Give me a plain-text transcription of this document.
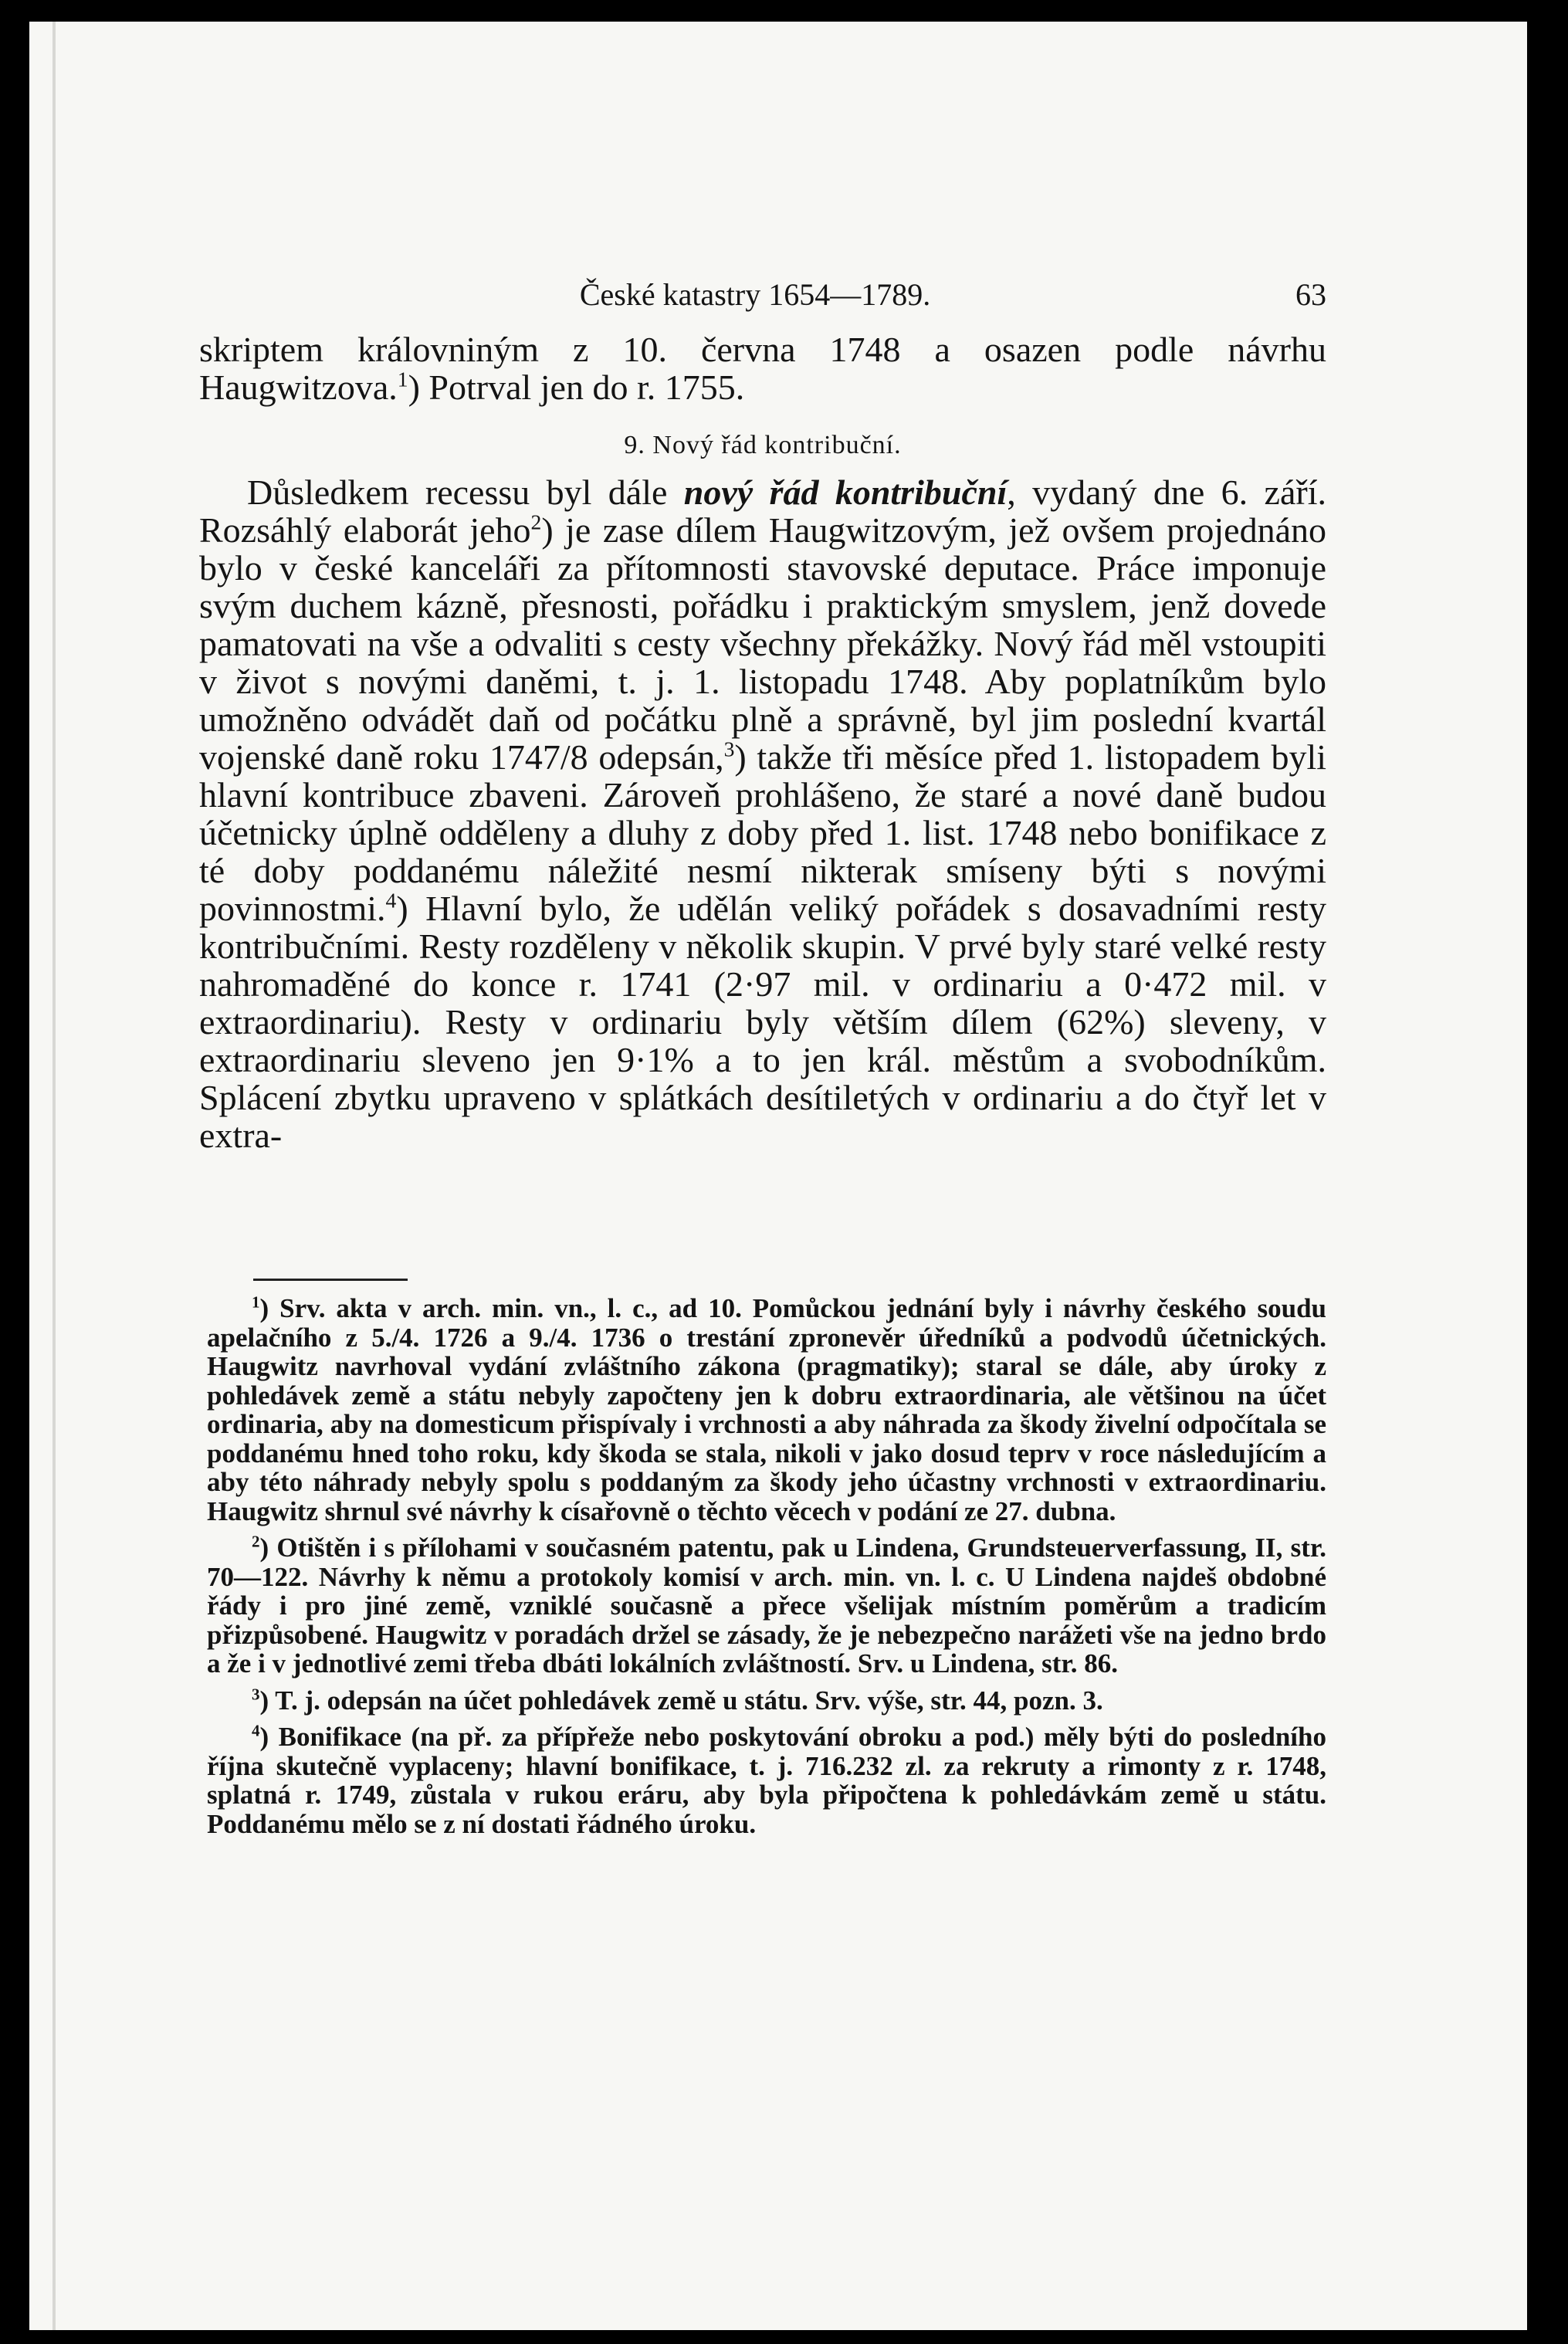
České katastry 1654—1789.	63

skriptem královniným z 10. června 1748 a osazen podle návrhu Haugwitzova.$^1$) Potrval jen do r. 1755.

9. Nový řád kontribuční.

Důsledkem recessu byl dále nový řád kontribuční, vydaný dne 6. září. Rozsáhlý elaborát jeho$^2$) je zase dílem Haugwitzovým, jež ovšem projednáno bylo v české kanceláři za přítomnosti stavovské deputace. Práce imponuje svým duchem kázně, přesnosti, pořádku i praktickým smyslem, jenž dovede pamatovati na vše a odvaliti s cesty všechny překážky. Nový řád měl vstoupiti v život s novými daněmi, t. j. 1. listopadu 1748. Aby poplatníkům bylo umožněno odvádět daň od počátku plně a správně, byl jim poslední kvartál vojenské daně roku 1747/8 odepsán,$^3$) takže tři měsíce před 1. listopadem byli hlavní kontribuce zbaveni. Zároveň prohlášeno, že staré a nové daně budou účetnicky úplně odděleny a dluhy z doby před 1. list. 1748 nebo bonifikace z té doby poddanému náležité nesmí nikterak smíseny býti s novými povinnostmi.$^4$) Hlavní bylo, že udělán veliký pořádek s dosavadními resty kontribučními. Resty rozděleny v několik skupin. V prvé byly staré velké resty nahromaděné do konce r. 1741 (2·97 mil. v ordinariu a 0·472 mil. v extraordinariu). Resty v ordinariu byly větším dílem (62%) sleveny, v extraordinariu sleveno jen 9·1% a to jen král. městům a svobodníkům. Splácení zbytku upraveno v splátkách desítiletých v ordinariu a do čtyř let v extra-

$^1$) Srv. akta v arch. min. vn., l. c., ad 10. Pomůckou jednání byly i návrhy českého soudu apelačního z 5./4. 1726 a 9./4. 1736 o trestání zpronevěr úředníků a podvodů účetnických. Haugwitz navrhoval vydání zvláštního zákona (pragmatiky); staral se dále, aby úroky z pohledávek země a státu nebyly započteny jen k dobru extraordinaria, ale většinou na účet ordinaria, aby na domesticum přispívaly i vrchnosti a aby náhrada za škody živelní odpočítala se poddanému hned toho roku, kdy škoda se stala, nikoli v jako dosud teprv v roce následujícím a aby této náhrady nebyly spolu s poddaným za škody jeho účastny vrchnosti v extraordinariu. Haugwitz shrnul své návrhy k císařovně o těchto věcech v podání ze 27. dubna.

$^2$) Otištěn i s přílohami v současném patentu, pak u Lindena, Grundsteuerverfassung, II, str. 70—122. Návrhy k němu a protokoly komisí v arch. min. vn. l. c. U Lindena najdeš obdobné řády i pro jiné země, vzniklé současně a přece všelijak místním poměrům a tradicím přizpůsobené. Haugwitz v poradách držel se zásady, že je nebezpečno narážeti vše na jedno brdo a že i v jednotlivé zemi třeba dbáti lokálních zvláštností. Srv. u Lindena, str. 86.

$^3$) T. j. odepsán na účet pohledávek země u státu. Srv. výše, str. 44, pozn. 3.

$^4$) Bonifikace (na př. za přípřeže nebo poskytování obroku a pod.) měly býti do posledního října skutečně vyplaceny; hlavní bonifikace, t. j. 716.232 zl. za rekruty a rimonty z r. 1748, splatná r. 1749, zůstala v rukou eráru, aby byla připočtena k pohledávkám země u státu. Poddanému mělo se z ní dostati řádného úroku.
